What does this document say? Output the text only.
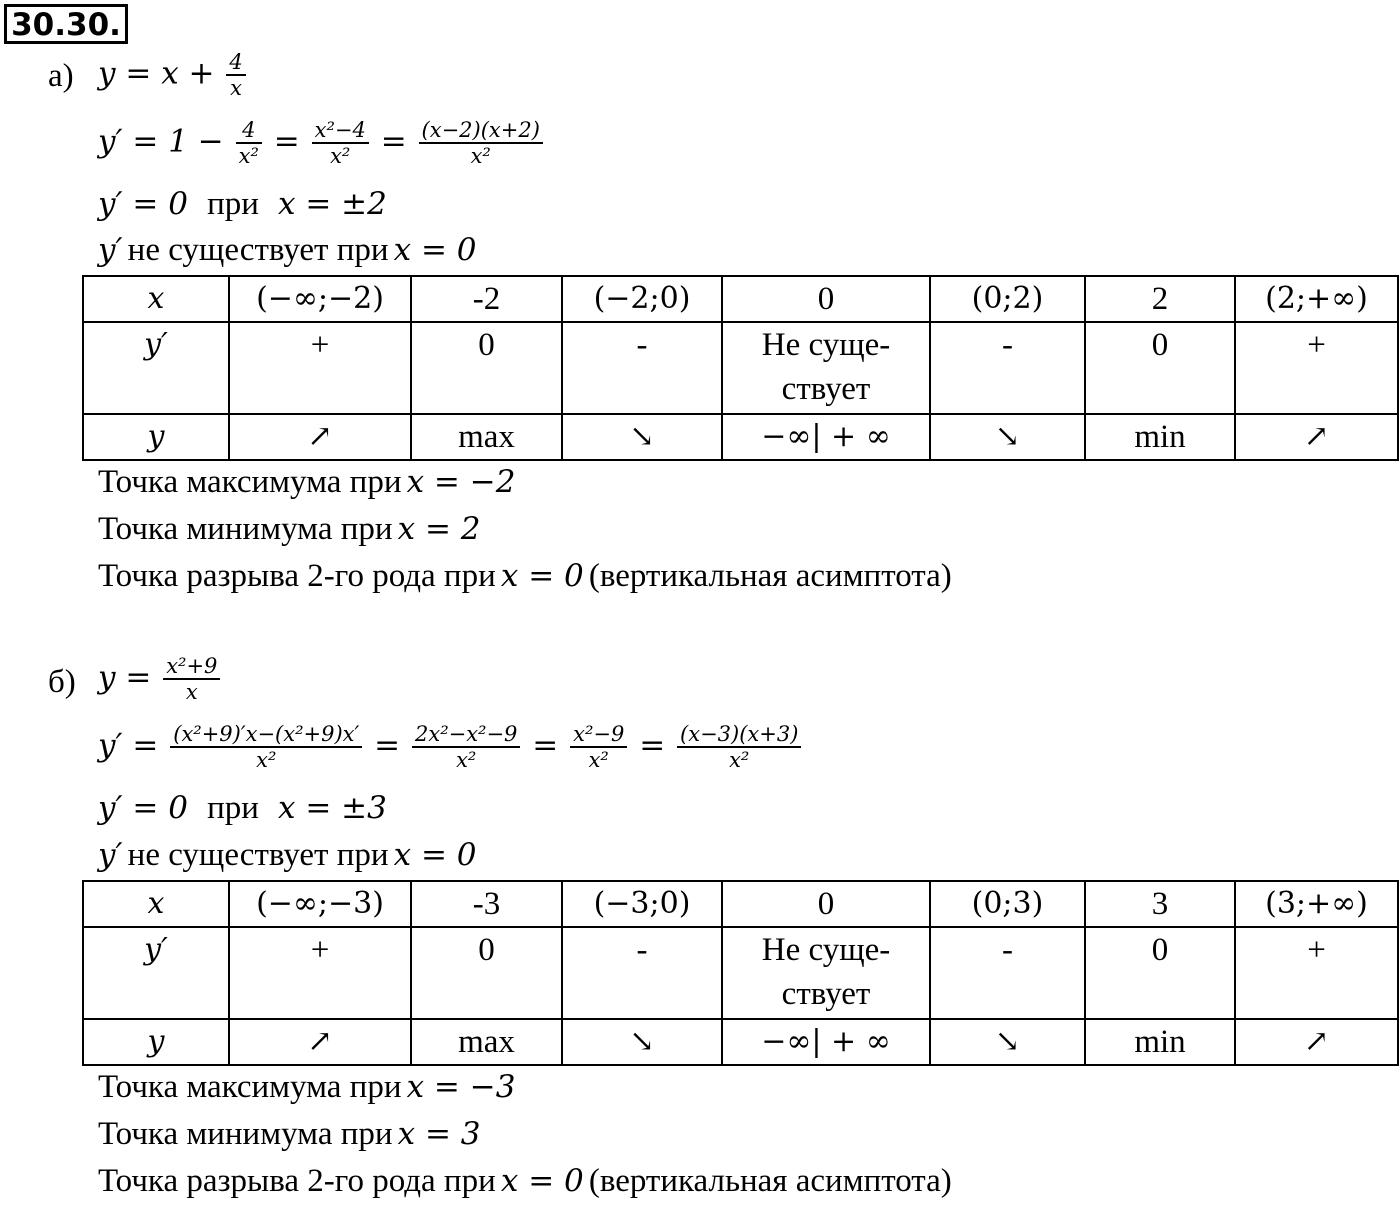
30.30.
а) $y = x + \frac{4}{x}$
$y' = 1 - \frac{4}{\text{x²}} = \frac{\text{x²−4}}{\text{x²}} = \frac{(x-2)(x+2)}{\text{x²}}$
y′ = 0 при x = ±2
y′ не существует при x = 0
x	(−∞;−2)	-2	(−2;0)	0	(0;2)	2	(2;+∞)
y′	+	0	-	Не суще-ствует	-	0	+
y	↗	max	↘	−∞| + ∞	↘	min	↗
Точка максимума при x = −2
Точка минимума при x = 2
Точка разрыва 2-го рода при x = 0 (вертикальная асимптота)
б) $y = \frac{\text{x²+9}}{x}$
$y' = \frac{\text{(x²+9)′x−(x²+9)x′}}{\text{x²}} = \frac{\text{2x²−x²−9}}{\text{x²}} = \frac{\text{x²−9}}{\text{x²}} = \frac{(x-3)(x+3)}{\text{x²}}$
y′ = 0 при x = ±3
y′ не существует при x = 0
x	(−∞;−3)	-3	(−3;0)	0	(0;3)	3	(3;+∞)
y′	+	0	-	Не суще-ствует	-	0	+
y	↗	max	↘	−∞| + ∞	↘	min	↗
Точка максимума при x = −3
Точка минимума при x = 3
Точка разрыва 2-го рода при x = 0 (вертикальная асимптота)
